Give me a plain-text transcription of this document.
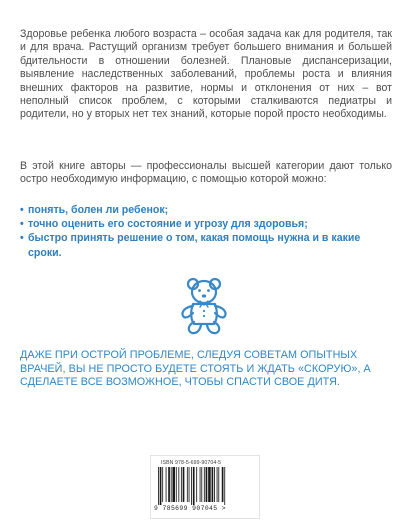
Здоровье ребенка любого возраста – особая задача как для родителя, так и для врача. Растущий организм требует большего внимания и большей бдительности в отношении болезней. Плановые диспансеризации, выявление наследственных заболеваний, проблемы роста и влияния внешних факторов на развитие, нормы и отклонения от них – вот неполный список проблем, с которыми сталкиваются педиатры и родители, но у вторых нет тех знаний, которые порой просто необходимы.
В этой книге авторы — профессионалы высшей категории дают только остро необходимую информацию, с помощью которой можно:
• понять, болен ли ребенок;
• точно оценить его состояние и угрозу для здоровья;
• быстро принять решение о том, какая помощь нужна и в какие сроки.
ДАЖЕ ПРИ ОСТРОЙ ПРОБЛЕМЕ, СЛЕДУЯ СОВЕТАМ ОПЫТНЫХ ВРАЧЕЙ, ВЫ НЕ ПРОСТО БУДЕТЕ СТОЯТЬ И ЖДАТЬ «СКОРУЮ», А СДЕЛАЕТЕ ВСЕ ВОЗМОЖНОЕ, ЧТОБЫ СПАСТИ СВОЕ ДИТЯ.
ISBN 978-5-699-90704-5
9 785699 907045 >
